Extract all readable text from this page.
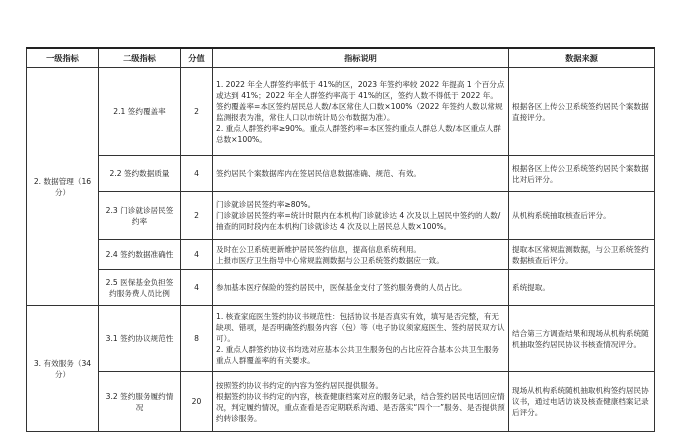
一级指标	二级指标	分值	指标说明	数据来源
2. 数据管理（16 分）	2.1 签约覆盖率	2	1. 2022 年全人群签约率低于 41%的区，2023 年签约率较 2022 年提高 1 个百分点或达到 41%；2022 年全人群签约率高于 41%的区，签约人数不得低于 2022 年。
签约覆盖率=本区签约居民总人数/本区常住人口数×100%（2022 年签约人数以常规监测报表为准，常住人口以市统计局公布数据为准）。
2. 重点人群签约率≥90%。重点人群签约率=本区签约重点人群总人数/本区重点人群总数×100%。	根据各区上传公卫系统签约居民个案数据直接评分。
	2.2 签约数据质量	4	签约居民个案数据库内在签居民信息数据准确、规范、有效。	根据各区上传公卫系统签约居民个案数据比对后评分。
	2.3 门诊就诊居民签约率	2	门诊就诊居民签约率≥80%。
门诊就诊居民签约率=统计时限内在本机构门诊就诊达 4 次及以上居民中签约的人数/抽查的同时段内在本机构门诊就诊达 4 次及以上居民总人数×100%。	从机构系统抽取核查后评分。
	2.4 签约数据准确性	4	及时在公卫系统更新维护居民签约信息，提高信息系统利用。
上报市医疗卫生指导中心常规监测数据与公卫系统签约数据应一致。	提取本区常规监测数据，与公卫系统签约数据核查后评分。
	2.5 医保基金负担签约服务费人员比例	4	参加基本医疗保险的签约居民中，医保基金支付了签约服务费的人员占比。	系统提取。
3. 有效服务（34 分）	3.1 签约协议规范性	8	1. 核查家庭医生签约协议书规范性：包括协议书是否真实有效，填写是否完整，有无缺项、错项，是否明确签约服务内容（包）等（电子协议须家庭医生、签约居民双方认可）。
2. 重点人群签约协议书均选对应基本公共卫生服务包的占比应符合基本公共卫生服务重点人群覆盖率的有关要求。	结合第三方调查结果和现场从机构系统随机抽取签约居民协议书核查情况评分。
	3.2 签约服务履约情况	20	按照签约协议书约定的内容为签约居民提供服务。
根据签约协议书约定的内容，核查健康档案对应的服务记录，结合签约居民电话回应情况，判定履约情况，重点查看是否定期联系沟通、是否落实“四个一”服务、是否提供预约转诊服务。	现场从机构系统随机抽取机构签约居民协议书，通过电话访谈及核查健康档案记录后评分。
